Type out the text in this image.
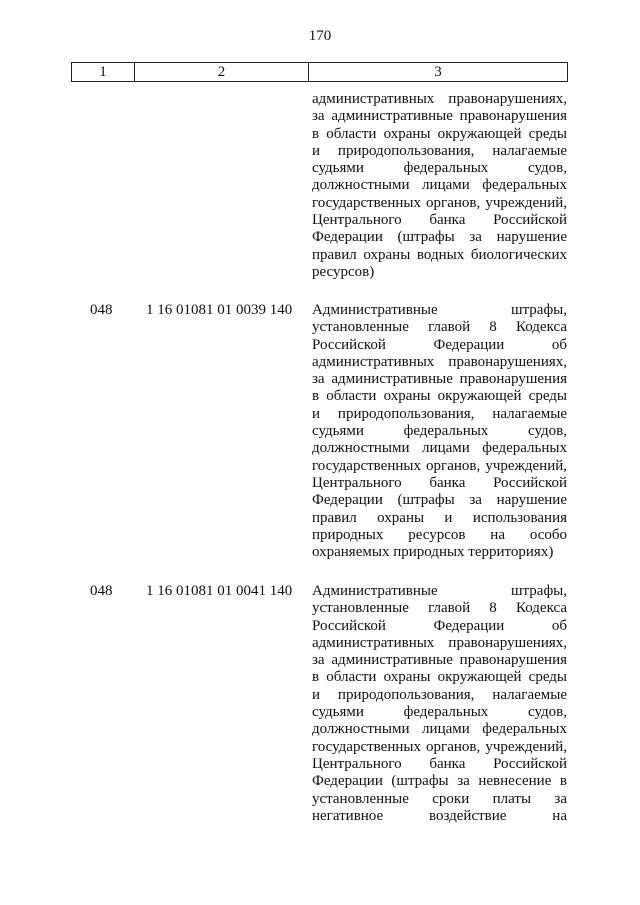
170
1	2	3
административных правонарушениях,
за административные правонарушения
в области охраны окружающей среды
и природопользования, налагаемые
судьями федеральных судов,
должностными лицами федеральных
государственных органов, учреждений,
Центрального банка Российской
Федерации (штрафы за нарушение
правил охраны водных биологических
ресурсов)
048 1 16 01081 01 0039 140 Административные штрафы,
установленные главой 8 Кодекса
Российской Федерации об
административных правонарушениях,
за административные правонарушения
в области охраны окружающей среды
и природопользования, налагаемые
судьями федеральных судов,
должностными лицами федеральных
государственных органов, учреждений,
Центрального банка Российской
Федерации (штрафы за нарушение
правил охраны и использования
природных ресурсов на особо
охраняемых природных территориях)
048 1 16 01081 01 0041 140 Административные штрафы,
установленные главой 8 Кодекса
Российской Федерации об
административных правонарушениях,
за административные правонарушения
в области охраны окружающей среды
и природопользования, налагаемые
судьями федеральных судов,
должностными лицами федеральных
государственных органов, учреждений,
Центрального банка Российской
Федерации (штрафы за невнесение в
установленные сроки платы за
негативное воздействие на
